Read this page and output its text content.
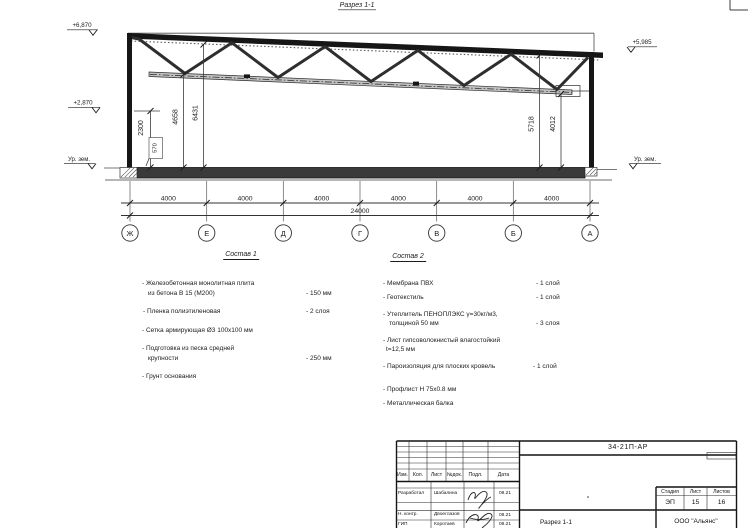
Разрез 1-1
+6,870
+2,870
Ур. зем.
+5,985
Ур. зем.
2300
570
4658 6431
5718 4012
4000	4000	4000	4000	4000	4000
24000
Ж	Е	Д	Г	В	Б	А
Состав 1
- Железобетонная монолитная плита
из бетона В 15 (М200)	- 150 мм
- Пленка полиэтиленовая	- 2 слоя
- Сетка армирующая Ø3 100x100 мм
- Подготовка из песка средней
крупности	- 250 мм
- Грунт основания
Состав 2
- Мембрана ПВХ	- 1 слой
- Геотекстиль	- 1 слой
- Утеплитель ПЕНОПЛЭКС γ=30кг/м3,
толщиной 50 мм	- 3 слоя
- Лист гипсоволокнистый влагостойкий
t=12,5 мм
- Пароизоляция для плоских кровель	- 1 слой
- Профлист Н 75x0.8 мм
- Металлическая балка
34-21П-АР
Изм. Кол. Лист №док. Подл.	Дата
Разработал Шабалина	08.21
Н. контр.	Двоеглазов	08.21
ГИП	Коротаев	08.21
Стадия Лист Листов
ЭП 15	16
Разрез 1-1	ООО "Альянс"
